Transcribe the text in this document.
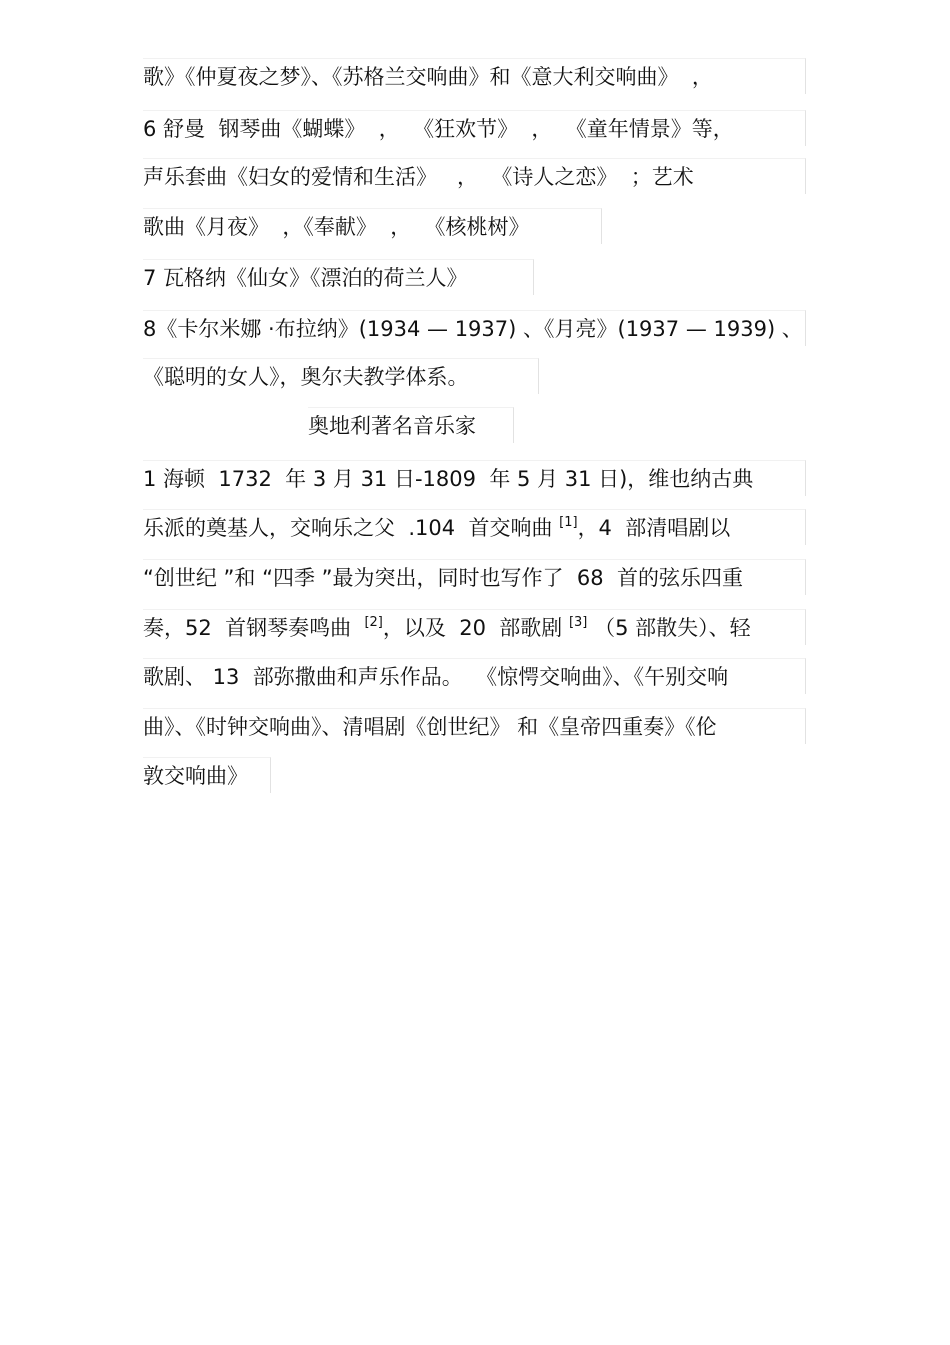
歌》《仲夏夜之梦》、《苏格兰交响曲》和《意大利交响曲》  ，
6 舒曼  钢琴曲《蝴蝶》  ，  《狂欢节》  ，  《童年情景》等，
声乐套曲《妇女的爱情和生活》   ，  《诗人之恋》  ；艺术
歌曲《月夜》  ，《奉献》  ，  《核桃树》
7 瓦格纳《仙女》《漂泊的荷兰人》
8《卡尔米娜 ·布拉纳》(1934 — 1937) 、《月亮》(1937 — 1939) 、
《聪明的女人》，奥尔夫教学体系。
奥地利著名音乐家
1 海顿  1732  年 3 月 31 日-1809  年 5 月 31 日)，维也纳古典
乐派的奠基人，交响乐之父  .104  首交响曲 [1]，4  部清唱剧以
“创世纪 ”和 “四季 ”最为突出，同时也写作了  68  首的弦乐四重
奏，52  首钢琴奏鸣曲  [2]，以及  20  部歌剧 [3] （5 部散失）、轻
歌剧、 13  部弥撒曲和声乐作品。  《惊愕交响曲》、《午别交响
曲》、《时钟交响曲》、清唱剧《创世纪》 和《皇帝四重奏》《伦
敦交响曲》
